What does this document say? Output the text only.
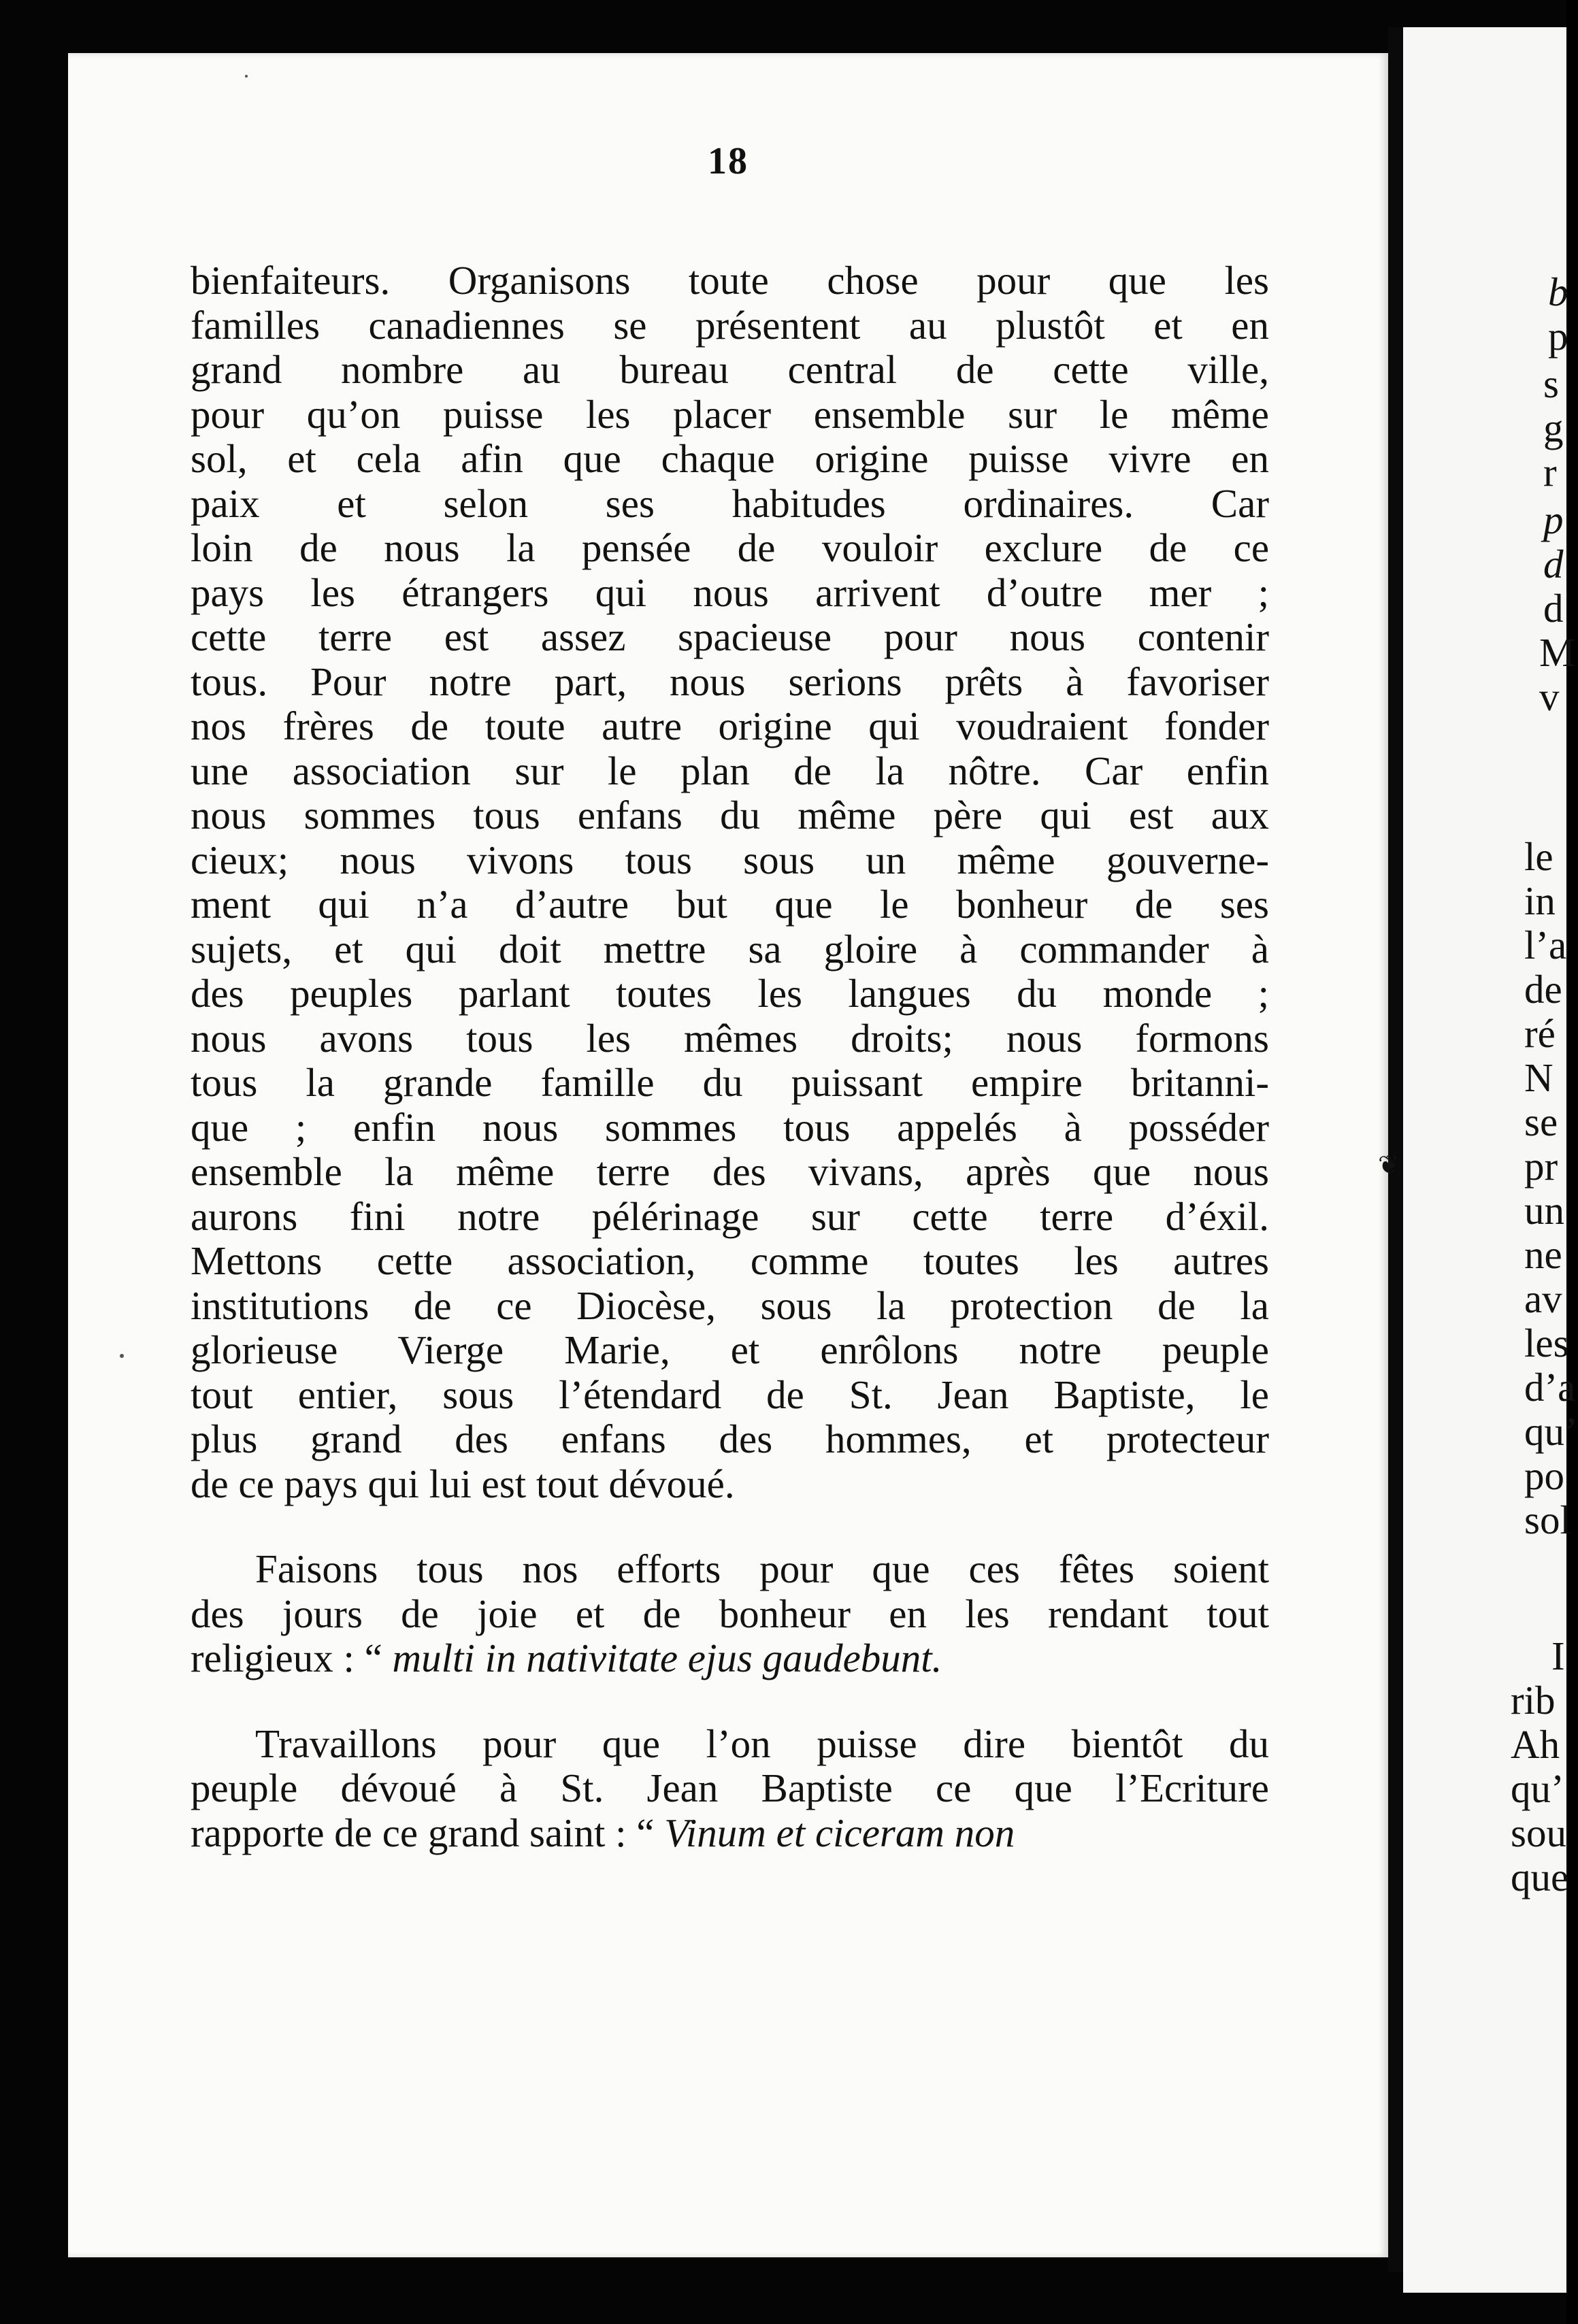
18
bienfaiteurs. Organisons toute chose pour que les
familles canadiennes se présentent au plustôt et en
grand nombre au bureau central de cette ville,
pour qu’on puisse les placer ensemble sur le même
sol, et cela afin que chaque origine puisse vivre en
paix et selon ses habitudes ordinaires. Car
loin de nous la pensée de vouloir exclure de ce
pays les étrangers qui nous arrivent d’outre mer ;
cette terre est assez spacieuse pour nous contenir
tous. Pour notre part, nous serions prêts à favoriser
nos frères de toute autre origine qui voudraient fonder
une association sur le plan de la nôtre. Car enfin
nous sommes tous enfans du même père qui est aux
cieux; nous vivons tous sous un même gouverne-
ment qui n’a d’autre but que le bonheur de ses
sujets, et qui doit mettre sa gloire à commander à
des peuples parlant toutes les langues du monde ;
nous avons tous les mêmes droits; nous formons
tous la grande famille du puissant empire britanni-
que ; enfin nous sommes tous appelés à posséder
ensemble la même terre des vivans, après que nous
aurons fini notre pélérinage sur cette terre d’éxil.
Mettons cette association, comme toutes les autres
institutions de ce Diocèse, sous la protection de la
glorieuse Vierge Marie, et enrôlons notre peuple
tout entier, sous l’étendard de St. Jean Baptiste, le
plus grand des enfans des hommes, et protecteur
de ce pays qui lui est tout dévoué.
Faisons tous nos efforts pour que ces fêtes soient
des jours de joie et de bonheur en les rendant tout
religieux : “ multi in nativitate ejus gaudebunt.
Travaillons pour que l’on puisse dire bientôt du
peuple dévoué à St. Jean Baptiste ce que l’Ecriture
rapporte de ce grand saint : “ Vinum et ciceram non
❦
b
p
s
g
r
p
d
d
M
v
le
in
l’a
de
ré
N
se
pr
un
ne
av
les
d’a
qu’
po
sol
I
rib
Ah
qu’
sou
que
